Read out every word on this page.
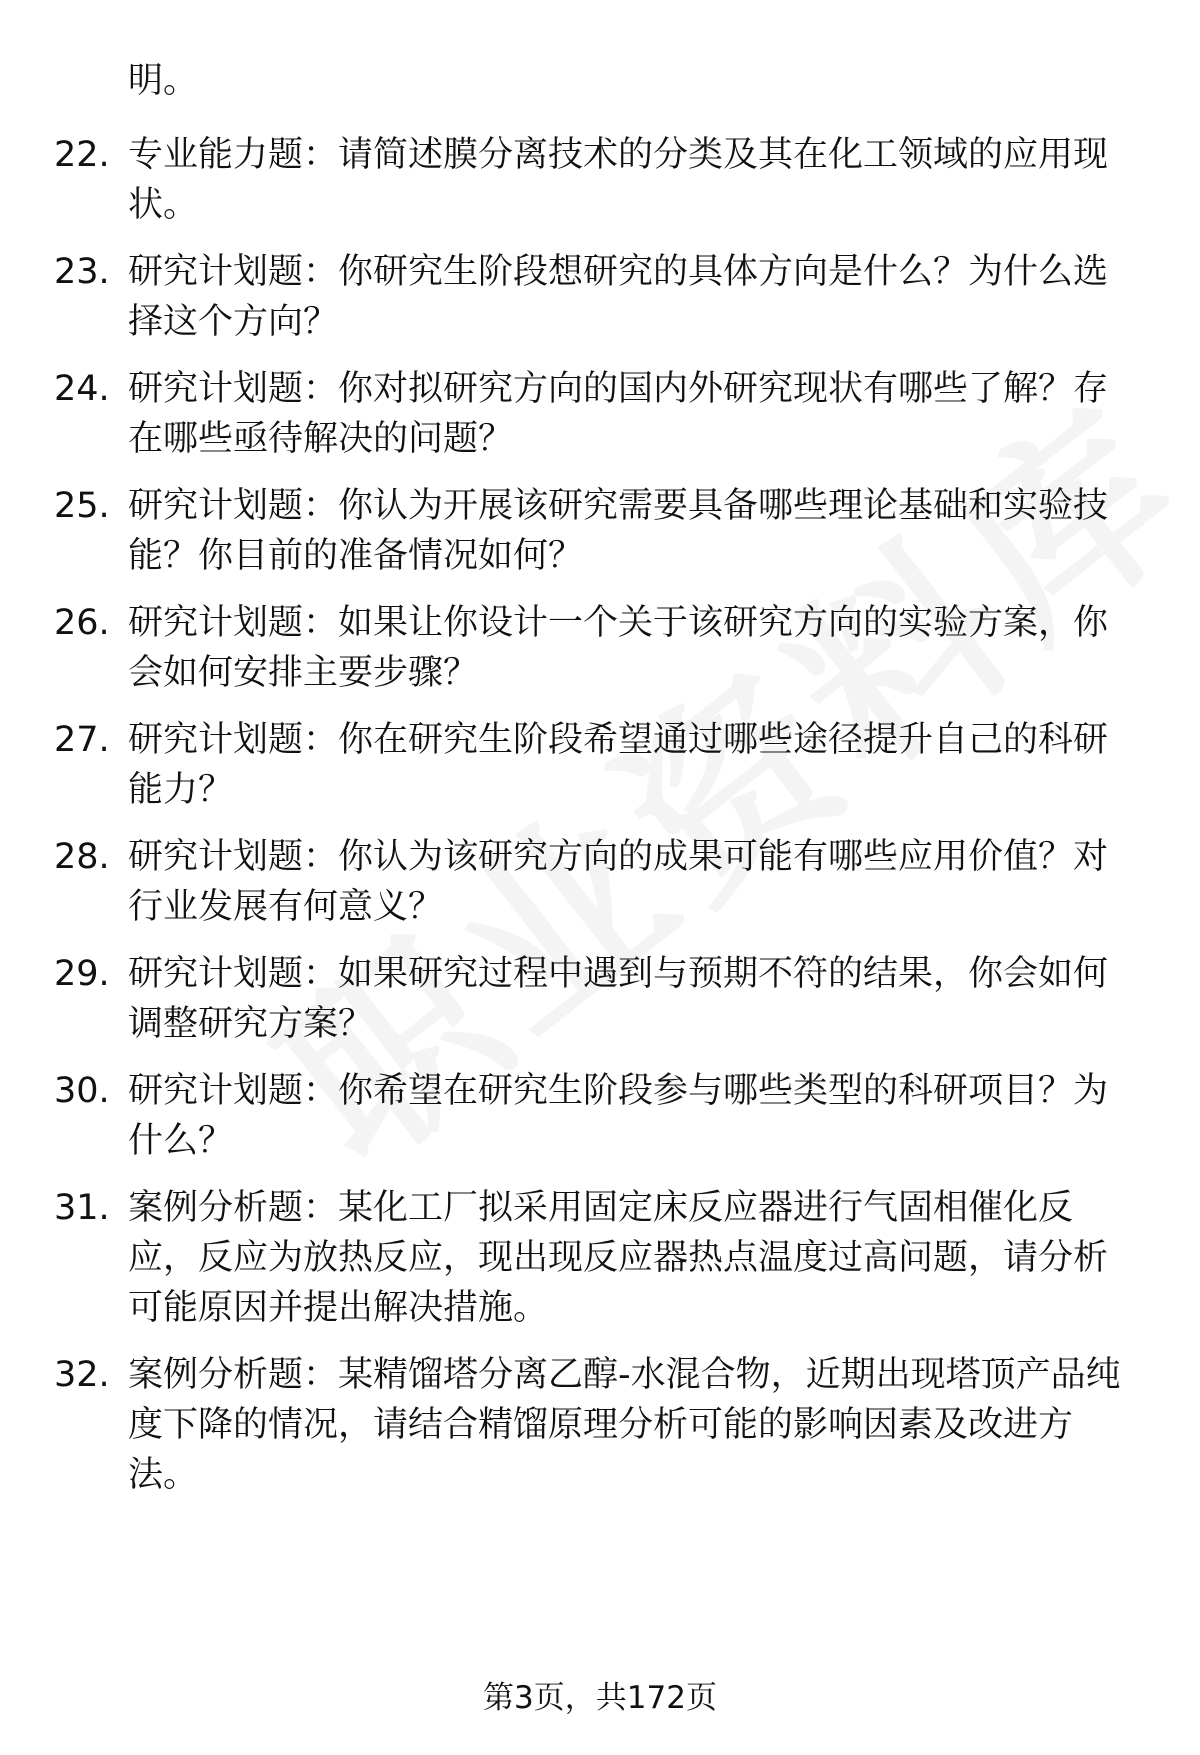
明。
22. 专业能力题：请简述膜分离技术的分类及其在化工领域的应用现
状。
23. 研究计划题：你研究生阶段想研究的具体方向是什么？为什么选
择这个方向？
24. 研究计划题：你对拟研究方向的国内外研究现状有哪些了解？存
在哪些亟待解决的问题？
25. 研究计划题：你认为开展该研究需要具备哪些理论基础和实验技
能？你目前的准备情况如何？
26. 研究计划题：如果让你设计一个关于该研究方向的实验方案，你
会如何安排主要步骤？
27. 研究计划题：你在研究生阶段希望通过哪些途径提升自己的科研
能力？
28. 研究计划题：你认为该研究方向的成果可能有哪些应用价值？对
行业发展有何意义？
29. 研究计划题：如果研究过程中遇到与预期不符的结果，你会如何
调整研究方案？
30. 研究计划题：你希望在研究生阶段参与哪些类型的科研项目？为
什么？
31. 案例分析题：某化工厂拟采用固定床反应器进行气固相催化反
应，反应为放热反应，现出现反应器热点温度过高问题，请分析
可能原因并提出解决措施。
32. 案例分析题：某精馏塔分离乙醇-水混合物，近期出现塔顶产品纯
度下降的情况，请结合精馏原理分析可能的影响因素及改进方
法。
第3页，共172页
